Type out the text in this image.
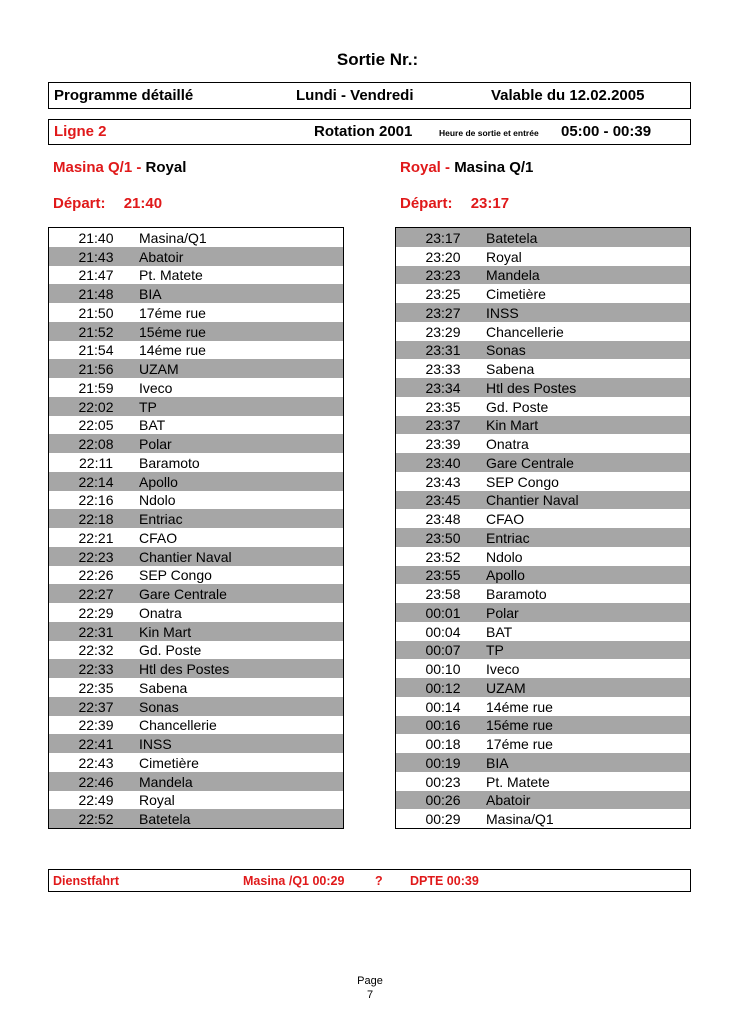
Sortie Nr.:
Programme détaillé	Lundi - Vendredi	Valable du 12.02.2005
Ligne 2	Rotation 2001	Heure de sortie et entrée 05:00 - 00:39
Masina Q/1 - Royal
Départ: 21:40
Royal - Masina Q/1
Départ: 23:17
21:40	Masina/Q1
21:43	Abatoir
21:47	Pt. Matete
21:48	BIA
21:50	17éme rue
21:52	15éme rue
21:54	14éme rue
21:56	UZAM
21:59	Iveco
22:02	TP
22:05	BAT
22:08	Polar
22:11	Baramoto
22:14	Apollo
22:16	Ndolo
22:18	Entriac
22:21	CFAO
22:23	Chantier Naval
22:26	SEP Congo
22:27	Gare Centrale
22:29	Onatra
22:31	Kin Mart
22:32	Gd. Poste
22:33	Htl des Postes
22:35	Sabena
22:37	Sonas
22:39	Chancellerie
22:41	INSS
22:43	Cimetière
22:46	Mandela
22:49	Royal
22:52	Batetela
23:17	Batetela
23:20	Royal
23:23	Mandela
23:25	Cimetière
23:27	INSS
23:29	Chancellerie
23:31	Sonas
23:33	Sabena
23:34	Htl des Postes
23:35	Gd. Poste
23:37	Kin Mart
23:39	Onatra
23:40	Gare Centrale
23:43	SEP Congo
23:45	Chantier Naval
23:48	CFAO
23:50	Entriac
23:52	Ndolo
23:55	Apollo
23:58	Baramoto
00:01	Polar
00:04	BAT
00:07	TP
00:10	Iveco
00:12	UZAM
00:14	14éme rue
00:16	15éme rue
00:18	17éme rue
00:19	BIA
00:23	Pt. Matete
00:26	Abatoir
00:29	Masina/Q1
Dienstfahrt	Masina /Q1 00:29 ? DPTE 00:39
Page
7
